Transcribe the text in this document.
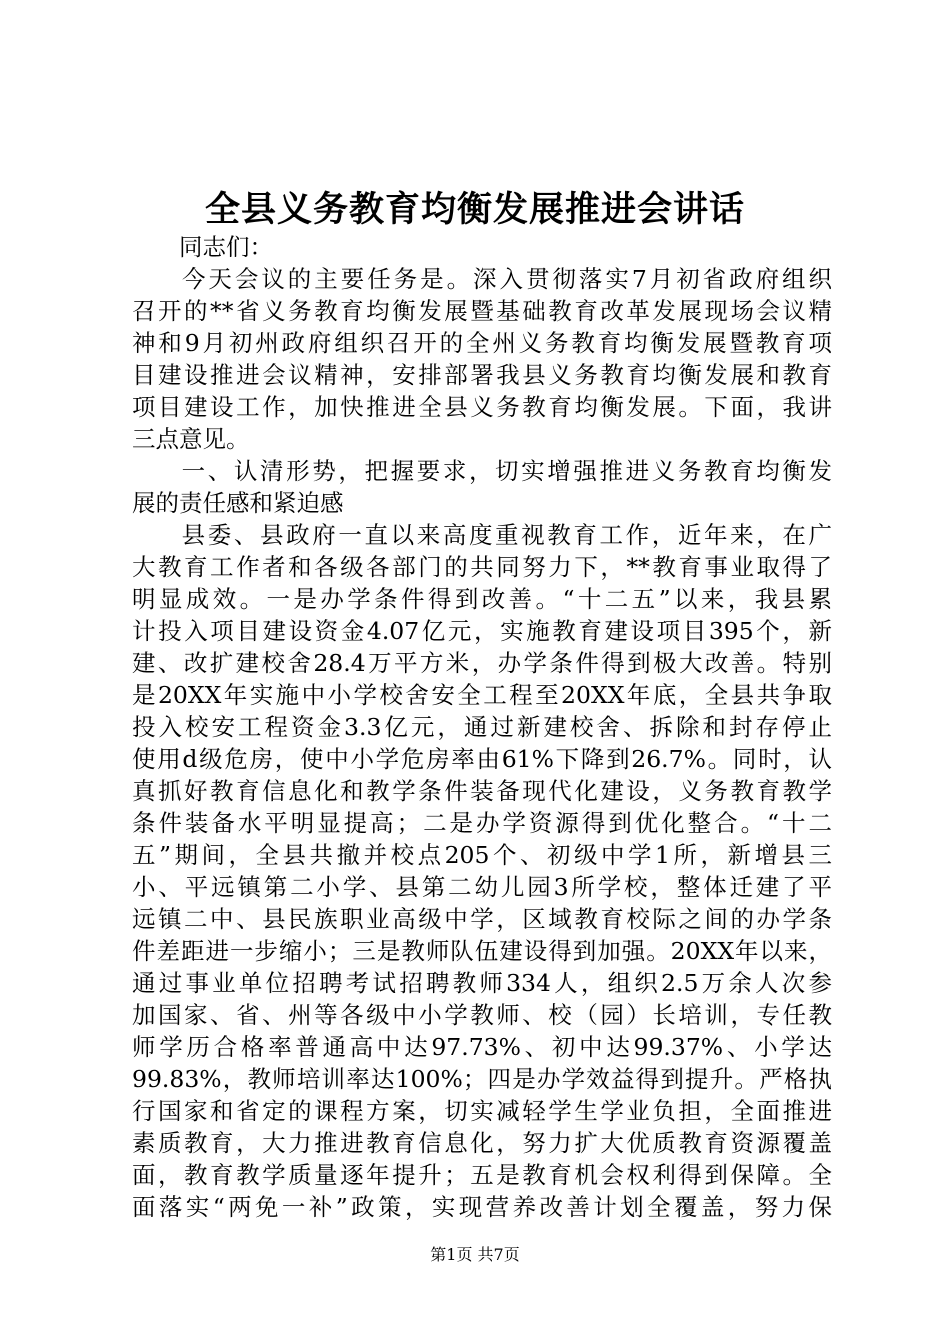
全县义务教育均衡发展推进会讲话
同志们：
今天会议的主要任务是。深入贯彻落实7月初省政府组织
召开的**省义务教育均衡发展暨基础教育改革发展现场会议精
神和9月初州政府组织召开的全州义务教育均衡发展暨教育项
目建设推进会议精神，安排部署我县义务教育均衡发展和教育
项目建设工作，加快推进全县义务教育均衡发展。下面，我讲
三点意见。
一、认清形势，把握要求，切实增强推进义务教育均衡发
展的责任感和紧迫感
县委、县政府一直以来高度重视教育工作，近年来，在广
大教育工作者和各级各部门的共同努力下，**教育事业取得了
明显成效。一是办学条件得到改善。“十二五”以来，我县累
计投入项目建设资金4.07亿元，实施教育建设项目395个，新
建、改扩建校舍28.4万平方米，办学条件得到极大改善。特别
是20XX年实施中小学校舍安全工程至20XX年底，全县共争取
投入校安工程资金3.3亿元，通过新建校舍、拆除和封存停止
使用d级危房，使中小学危房率由61%下降到26.7%。同时，认
真抓好教育信息化和教学条件装备现代化建设，义务教育教学
条件装备水平明显提高；二是办学资源得到优化整合。“十二
五”期间，全县共撤并校点205个、初级中学1所，新增县三
小、平远镇第二小学、县第二幼儿园3所学校，整体迁建了平
远镇二中、县民族职业高级中学，区域教育校际之间的办学条
件差距进一步缩小；三是教师队伍建设得到加强。20XX年以来，
通过事业单位招聘考试招聘教师334人，组织2.5万余人次参
加国家、省、州等各级中小学教师、校（园）长培训，专任教
师学历合格率普通高中达97.73%、初中达99.37%、小学达
99.83%，教师培训率达100%；四是办学效益得到提升。严格执
行国家和省定的课程方案，切实减轻学生学业负担，全面推进
素质教育，大力推进教育信息化，努力扩大优质教育资源覆盖
面，教育教学质量逐年提升；五是教育机会权利得到保障。全
面落实“两免一补”政策，实现营养改善计划全覆盖，努力保
第1页 共7页
